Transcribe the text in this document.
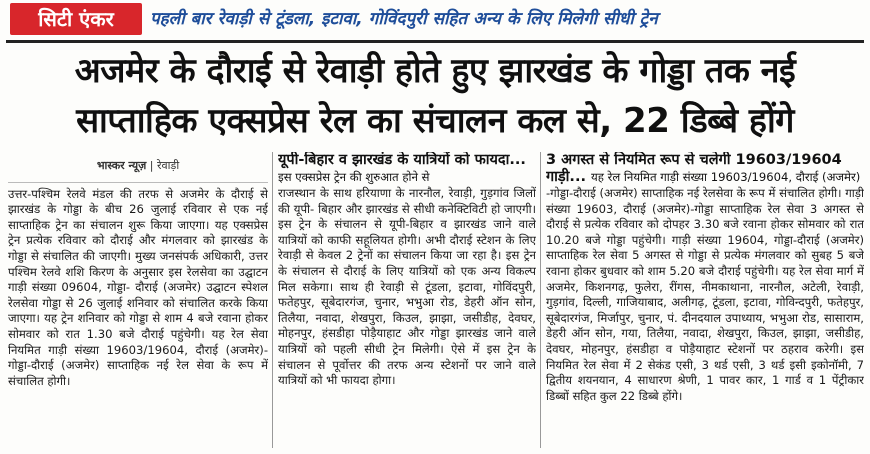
सिटी एंकर	पहली बार रेवाड़ी से टूंडला, इटावा, गोविंदपुरी सहित अन्य के लिए मिलेगी सीधी ट्रेन
अजमेर के दौराई से रेवाड़ी होते हुए झारखंड के गोड्डा तक नई
साप्ताहिक एक्सप्रेस रेल का संचालन कल से, 22 डिब्बे होंगे
भास्कर न्यूज़ | रेवाड़ी

उत्तर-पश्चिम रेलवे मंडल की तरफ से अजमेर के दौराई से झारखंड के गोड्डा के बीच 26 जुलाई रविवार से एक नई साप्ताहिक ट्रेन का संचालन शुरू किया जाएगा। यह एक्सप्रेस ट्रेन प्रत्येक रविवार को दौराई और मंगलवार को झारखंड के गोड्डा से संचालित की जाएगी। मुख्य जनसंपर्क अधिकारी, उत्तर पश्चिम रेलवे शशि किरण के अनुसार इस रेलसेवा का उद्घाटन गाड़ी संख्या 09604, गोड्डा- दौराई (अजमेर) उद्घाटन स्पेशल रेलसेवा गोड्डा से 26 जुलाई शनिवार को संचालित करके किया जाएगा। यह ट्रेन शनिवार को गोड्डा से शाम 4 बजे रवाना होकर सोमवार को रात 1.30 बजे दौराई पहुंचेगी। यह रेल सेवा नियमित गाड़ी संख्या 19603/19604, दौराई (अजमेर)-गोड्डा-दौराई (अजमेर) साप्ताहिक नई रेल सेवा के रूप में संचालित होगी।

यूपी-बिहार व झारखंड के यात्रियों को फायदा... इस एक्सप्रेस ट्रेन की शुरुआत होने से

राजस्थान के साथ हरियाणा के नारनौल, रेवाड़ी, गुड़गांव जिलों की यूपी- बिहार और झारखंड से सीधी कनेक्टिविटी हो जाएगी। इस ट्रेन के संचालन से यूपी-बिहार व झारखंड जाने वाले यात्रियों को काफी सहूलियत होगी। अभी दौराई स्टेशन के लिए रेवाड़ी से केवल 2 ट्रेनों का संचालन किया जा रहा है। इस ट्रेन के संचालन से दौराई के लिए यात्रियों को एक अन्य विकल्प मिल सकेगा। साथ ही रेवाड़ी से टूंडला, इटावा, गोविंदपुरी, फतेहपुर, सूबेदारगंज, चुनार, भभुआ रोड, डेहरी ऑन सोन, तिलैया, नवादा, शेखपुरा, किउल, झाझा, जसीडीह, देवघर, मोहनपुर, हंसडीहा पोड़ैयाहाट और गोड्डा झारखंड जाने वाले यात्रियों को पहली सीधी ट्रेन मिलेगी। ऐसे में इस ट्रेन के संचालन से पूर्वोत्तर की तरफ अन्य स्टेशनों पर जाने वाले यात्रियों को भी फायदा होगा।

3 अगस्त से नियमित रूप से चलेगी 19603/19604 गाड़ी... यह रेल नियमित गाड़ी संख्या 19603/19604, दौराई (अजमेर)

-गोड्डा-दौराई (अजमेर) साप्ताहिक नई रेलसेवा के रूप में संचालित होगी। गाड़ी संख्या 19603, दौराई (अजमेर)-गोड्डा साप्ताहिक रेल सेवा 3 अगस्त से दौराई से प्रत्येक रविवार को दोपहर 3.30 बजे रवाना होकर सोमवार को रात 10.20 बजे गोड्डा पहुंचेगी। गाड़ी संख्या 19604, गोड्डा-दौराई (अजमेर) साप्ताहिक रेल सेवा 5 अगस्त से गोड्डा से प्रत्येक मंगलवार को सुबह 5 बजे रवाना होकर बुधवार को शाम 5.20 बजे दौराई पहुंचेगी। यह रेल सेवा मार्ग में अजमेर, किशनगढ़, फुलेरा, रींगस, नीमकाथाना, नारनौल, अटेली, रेवाड़ी, गुड़गांव, दिल्ली, गाजियाबाद, अलीगढ़, टूंडला, इटावा, गोविन्दपुरी, फतेहपुर, सूबेदारगंज, मिर्जापुर, चुनार, पं. दीनदयाल उपाध्याय, भभुआ रोड, सासाराम, डेहरी ऑन सोन, गया, तिलैया, नवादा, शेखपुरा, किउल, झाझा, जसीडीह, देवघर, मोहनपुर, हंसडीहा व पोड़ैयाहाट स्टेशनों पर ठहराव करेगी। इस नियमित रेल सेवा में 2 सेकंड एसी, 3 थर्ड एसी, 3 थर्ड इसी इकोनॉमी, 7 द्वितीय शयनयान, 4 साधारण श्रेणी, 1 पावर कार, 1 गार्ड व 1 पेंट्रीकार डिब्बों सहित कुल 22 डिब्बे होंगे।
